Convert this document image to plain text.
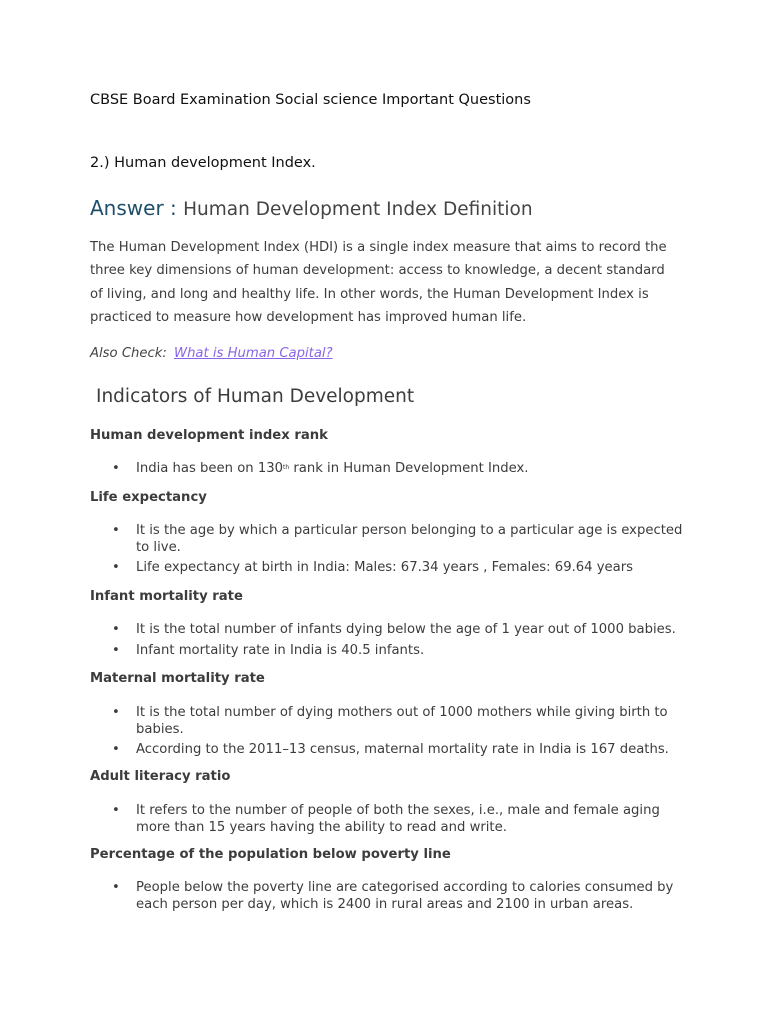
CBSE Board Examination Social science Important Questions
2.) Human development Index.
Answer : Human Development Index Definition

The Human Development Index (HDI) is a single index measure that aims to record the three key dimensions of human development: access to knowledge, a decent standard of living, and long and healthy life. In other words, the Human Development Index is practiced to measure how development has improved human life.

Also Check: What is Human Capital?
Indicators of Human Development
Human development index rank
• India has been on 130th rank in Human Development Index.
Life expectancy
• It is the age by which a particular person belonging to a particular age is expected to live.
• Life expectancy at birth in India: Males: 67.34 years , Females: 69.64 years
Infant mortality rate
• It is the total number of infants dying below the age of 1 year out of 1000 babies.
• Infant mortality rate in India is 40.5 infants.
Maternal mortality rate
• It is the total number of dying mothers out of 1000 mothers while giving birth to babies.
• According to the 2011–13 census, maternal mortality rate in India is 167 deaths.
Adult literacy ratio
• It refers to the number of people of both the sexes, i.e., male and female aging more than 15 years having the ability to read and write.
Percentage of the population below poverty line
• People below the poverty line are categorised according to calories consumed by each person per day, which is 2400 in rural areas and 2100 in urban areas.
